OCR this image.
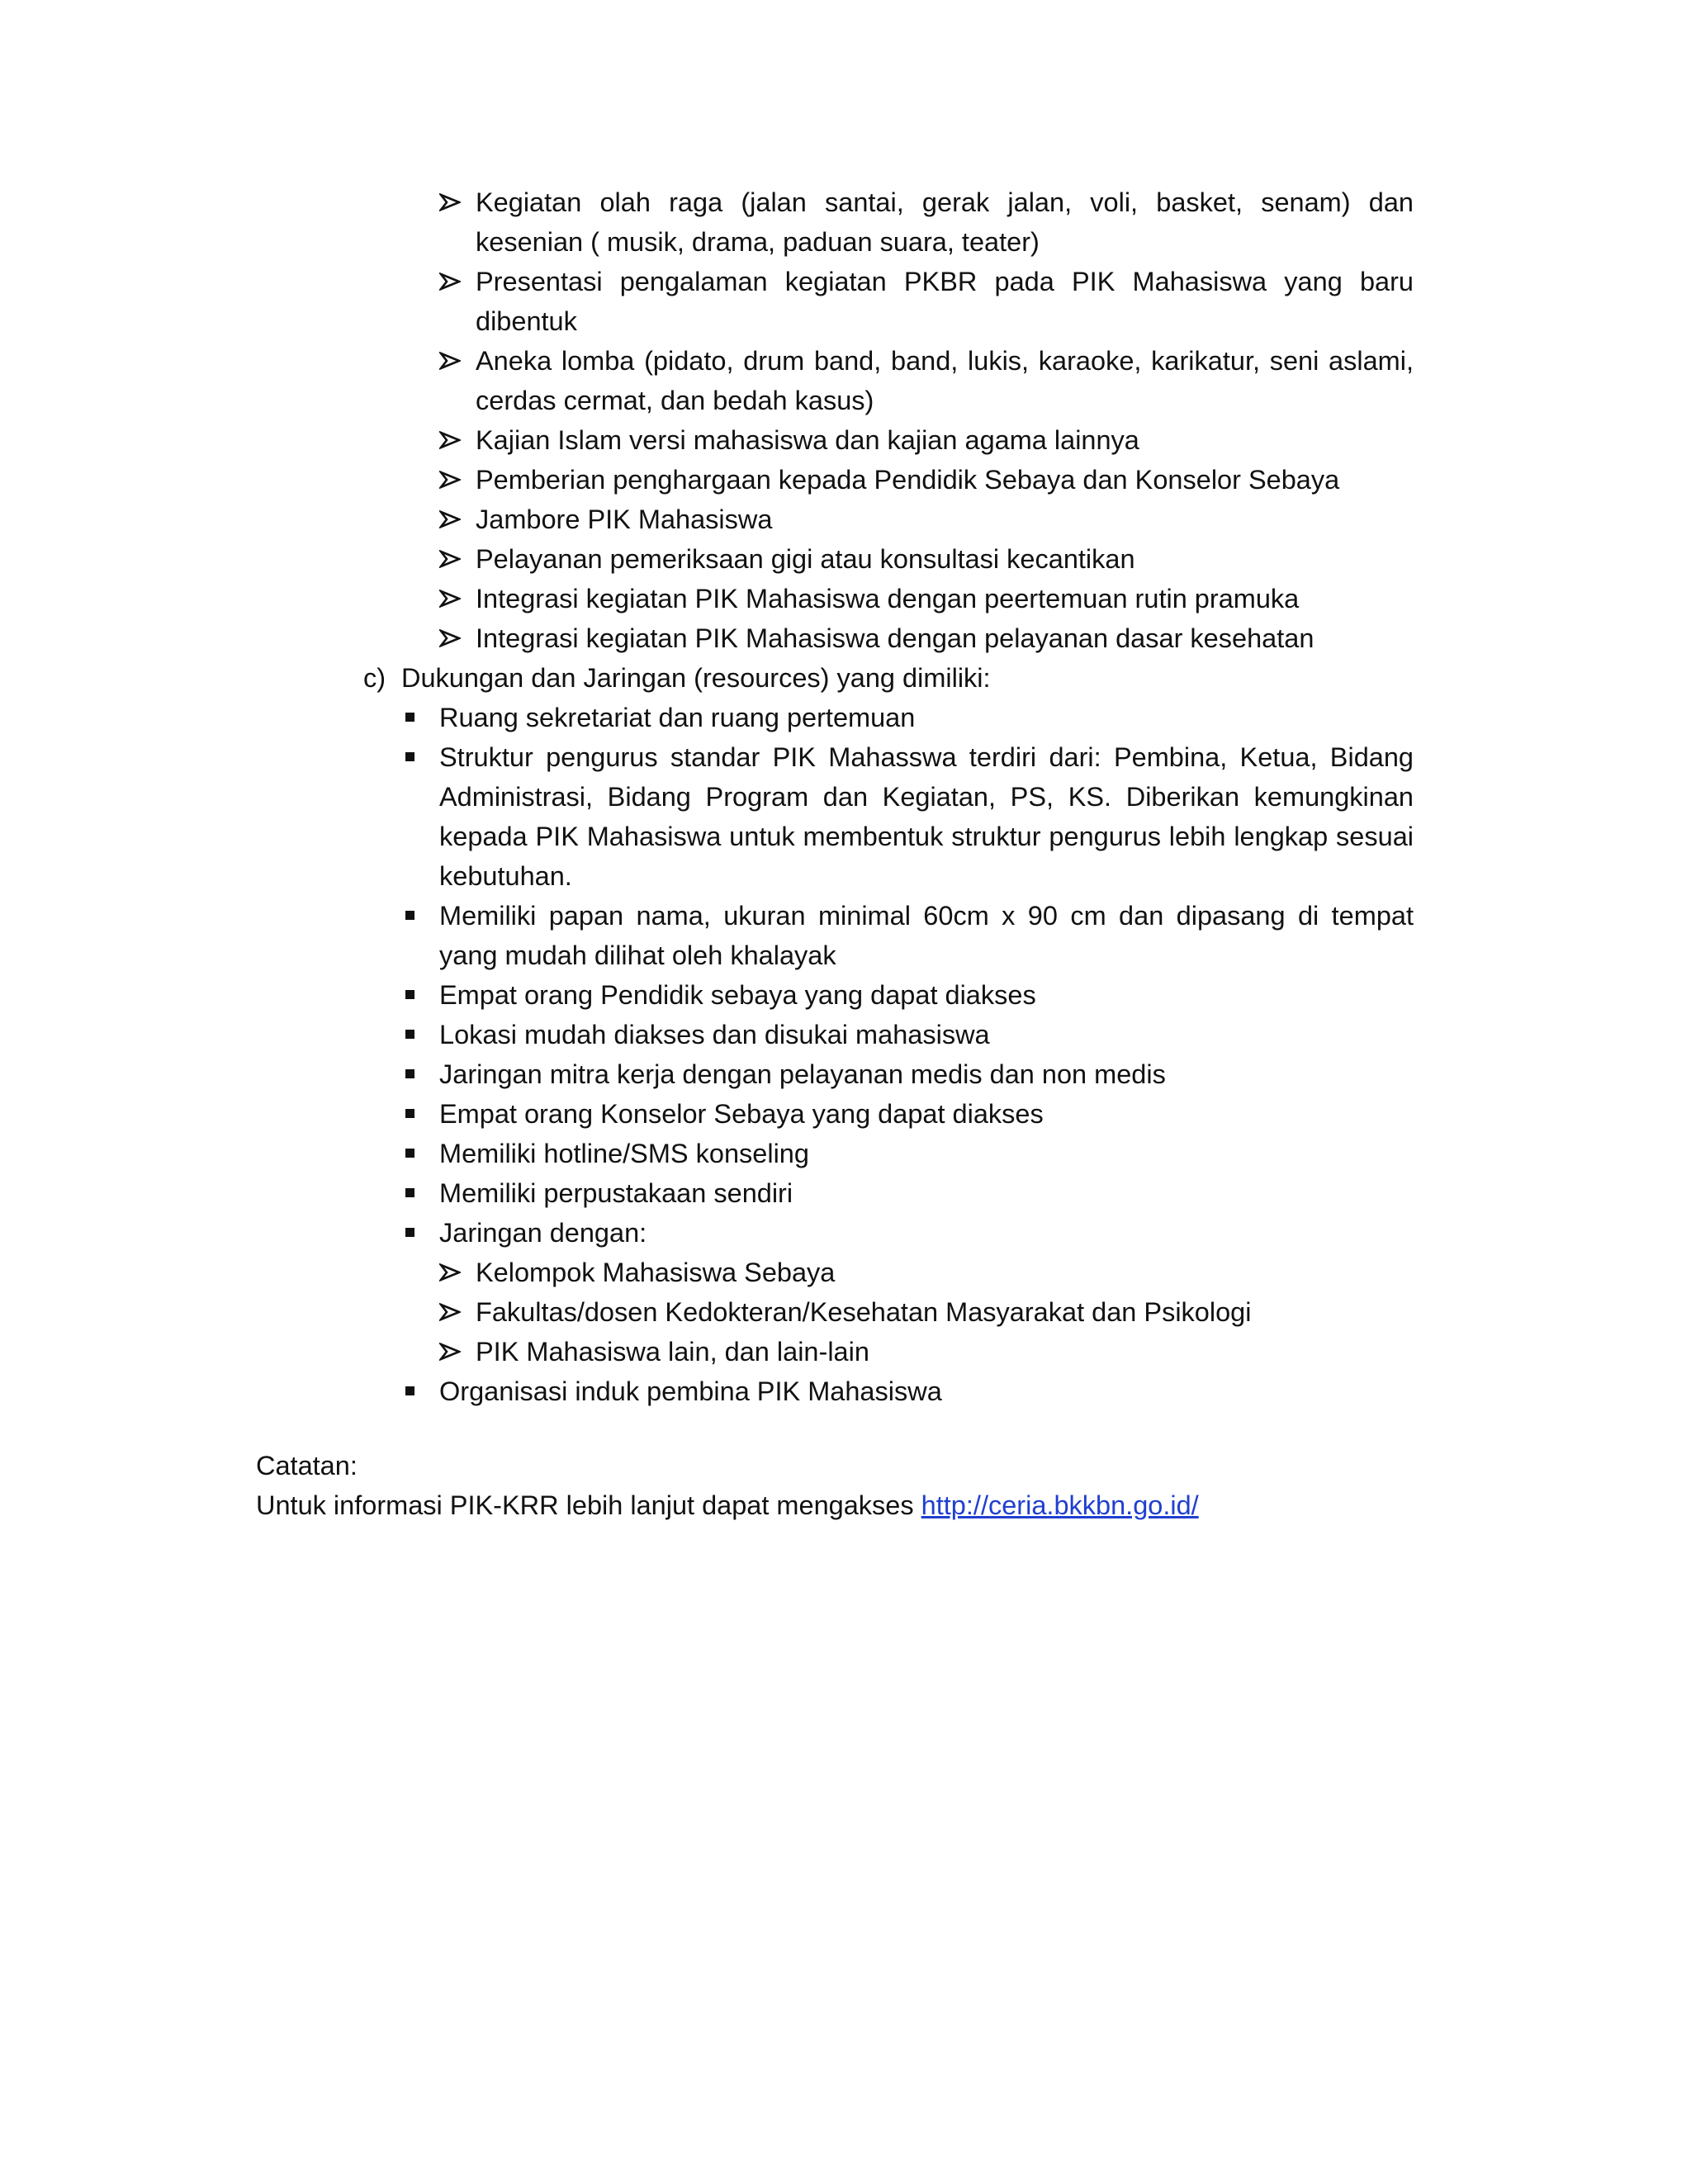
Kegiatan olah raga (jalan santai, gerak jalan, voli, basket, senam) dan kesenian ( musik, drama, paduan suara, teater)
Presentasi pengalaman kegiatan PKBR pada PIK Mahasiswa yang baru dibentuk
Aneka lomba (pidato, drum band, band, lukis, karaoke, karikatur, seni aslami, cerdas cermat, dan bedah kasus)
Kajian Islam versi mahasiswa dan kajian agama lainnya
Pemberian penghargaan kepada Pendidik Sebaya dan Konselor Sebaya
Jambore PIK Mahasiswa
Pelayanan pemeriksaan gigi atau konsultasi kecantikan
Integrasi kegiatan PIK Mahasiswa dengan peertemuan rutin pramuka
Integrasi kegiatan PIK Mahasiswa dengan pelayanan dasar kesehatan
c) Dukungan dan Jaringan (resources) yang dimiliki:
Ruang sekretariat dan ruang pertemuan
Struktur pengurus standar PIK Mahasswa terdiri dari: Pembina, Ketua, Bidang Administrasi, Bidang Program dan Kegiatan, PS, KS. Diberikan kemungkinan kepada PIK Mahasiswa untuk membentuk struktur pengurus lebih lengkap sesuai kebutuhan.
Memiliki papan nama, ukuran minimal 60cm x 90 cm dan dipasang di tempat yang mudah dilihat oleh khalayak
Empat orang Pendidik sebaya yang dapat diakses
Lokasi mudah diakses dan disukai mahasiswa
Jaringan mitra kerja dengan pelayanan medis dan non medis
Empat orang Konselor Sebaya yang dapat diakses
Memiliki hotline/SMS konseling
Memiliki perpustakaan sendiri
Jaringan dengan:
Kelompok Mahasiswa Sebaya
Fakultas/dosen Kedokteran/Kesehatan Masyarakat dan Psikologi
PIK Mahasiswa lain, dan lain-lain
Organisasi induk pembina PIK Mahasiswa
Catatan:
Untuk informasi PIK-KRR lebih lanjut dapat mengakses http://ceria.bkkbn.go.id/
